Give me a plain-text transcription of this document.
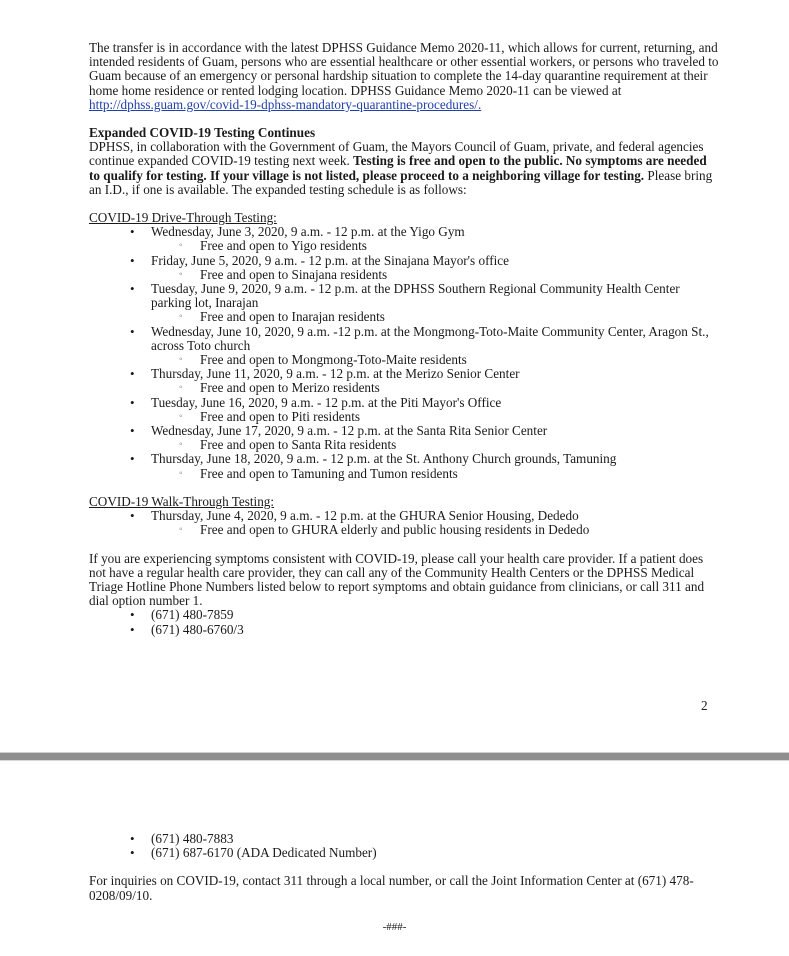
The transfer is in accordance with the latest DPHSS Guidance Memo 2020-11, which allows for current, returning, and intended residents of Guam, persons who are essential healthcare or other essential workers, or persons who traveled to Guam because of an emergency or personal hardship situation to complete the 14-day quarantine requirement at their home home residence or rented lodging location. DPHSS Guidance Memo 2020-11 can be viewed at http://dphss.guam.gov/covid-19-dphss-mandatory-quarantine-procedures/.

Expanded COVID-19 Testing Continues

DPHSS, in collaboration with the Government of Guam, the Mayors Council of Guam, private, and federal agencies continue expanded COVID-19 testing next week. Testing is free and open to the public. No symptoms are needed to qualify for testing. If your village is not listed, please proceed to a neighboring village for testing. Please bring an I.D., if one is available. The expanded testing schedule is as follows:

COVID-19 Drive-Through Testing:

• Wednesday, June 3, 2020, 9 a.m. - 12 p.m. at the Yigo Gym
◦ Free and open to Yigo residents
• Friday, June 5, 2020, 9 a.m. - 12 p.m. at the Sinajana Mayor's office
◦ Free and open to Sinajana residents
• Tuesday, June 9, 2020, 9 a.m. - 12 p.m. at the DPHSS Southern Regional Community Health Center parking lot, Inarajan
◦ Free and open to Inarajan residents
• Wednesday, June 10, 2020, 9 a.m. -12 p.m. at the Mongmong-Toto-Maite Community Center, Aragon St., across Toto church
◦ Free and open to Mongmong-Toto-Maite residents
• Thursday, June 11, 2020, 9 a.m. - 12 p.m. at the Merizo Senior Center
◦ Free and open to Merizo residents
• Tuesday, June 16, 2020, 9 a.m. - 12 p.m. at the Piti Mayor's Office
◦ Free and open to Piti residents
• Wednesday, June 17, 2020, 9 a.m. - 12 p.m. at the Santa Rita Senior Center
◦ Free and open to Santa Rita residents
• Thursday, June 18, 2020, 9 a.m. - 12 p.m. at the St. Anthony Church grounds, Tamuning
◦ Free and open to Tamuning and Tumon residents

COVID-19 Walk-Through Testing:

• Thursday, June 4, 2020, 9 a.m. - 12 p.m. at the GHURA Senior Housing, Dededo
◦ Free and open to GHURA elderly and public housing residents in Dededo

If you are experiencing symptoms consistent with COVID-19, please call your health care provider. If a patient does not have a regular health care provider, they can call any of the Community Health Centers or the DPHSS Medical Triage Hotline Phone Numbers listed below to report symptoms and obtain guidance from clinicians, or call 311 and dial option number 1.

• (671) 480-7859
• (671) 480-6760/3
2
• (671) 480-7883
• (671) 687-6170 (ADA Dedicated Number)

For inquiries on COVID-19, contact 311 through a local number, or call the Joint Information Center at (671) 478-0208/09/10.

-###-
